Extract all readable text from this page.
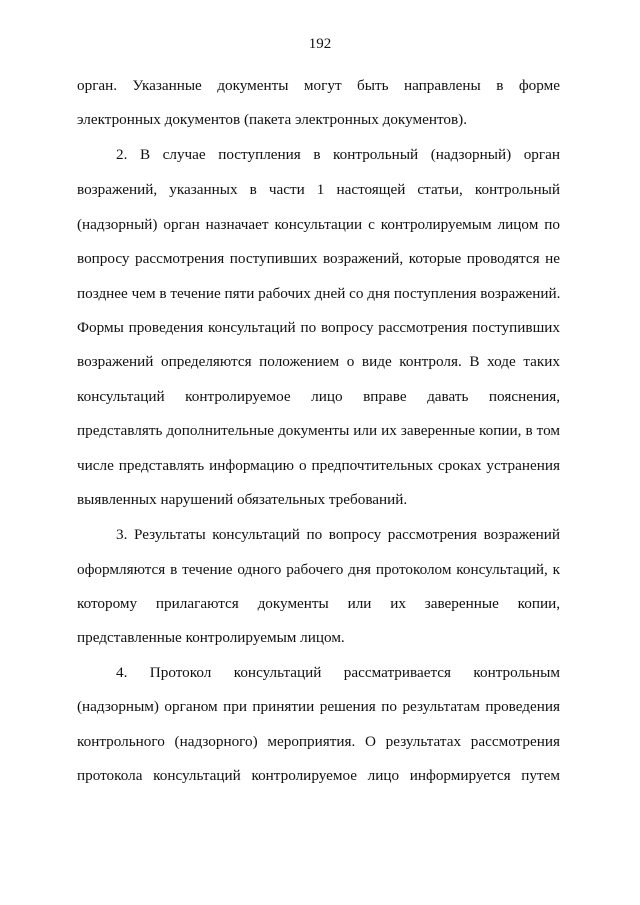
192
орган. Указанные документы могут быть направлены в форме
электронных документов (пакета электронных документов).
2. В случае поступления в контрольный (надзорный) орган
возражений, указанных в части 1 настоящей статьи, контрольный
(надзорный) орган назначает консультации с контролируемым лицом по
вопросу рассмотрения поступивших возражений, которые проводятся не
позднее чем в течение пяти рабочих дней со дня поступления возражений.
Формы проведения консультаций по вопросу рассмотрения поступивших
возражений определяются положением о виде контроля. В ходе таких
консультаций контролируемое лицо вправе давать пояснения,
представлять дополнительные документы или их заверенные копии, в том
числе представлять информацию о предпочтительных сроках устранения
выявленных нарушений обязательных требований.
3. Результаты консультаций по вопросу рассмотрения возражений
оформляются в течение одного рабочего дня протоколом консультаций, к
которому прилагаются документы или их заверенные копии,
представленные контролируемым лицом.
4. Протокол консультаций рассматривается контрольным
(надзорным) органом при принятии решения по результатам проведения
контрольного (надзорного) мероприятия. О результатах рассмотрения
протокола консультаций контролируемое лицо информируется путем
